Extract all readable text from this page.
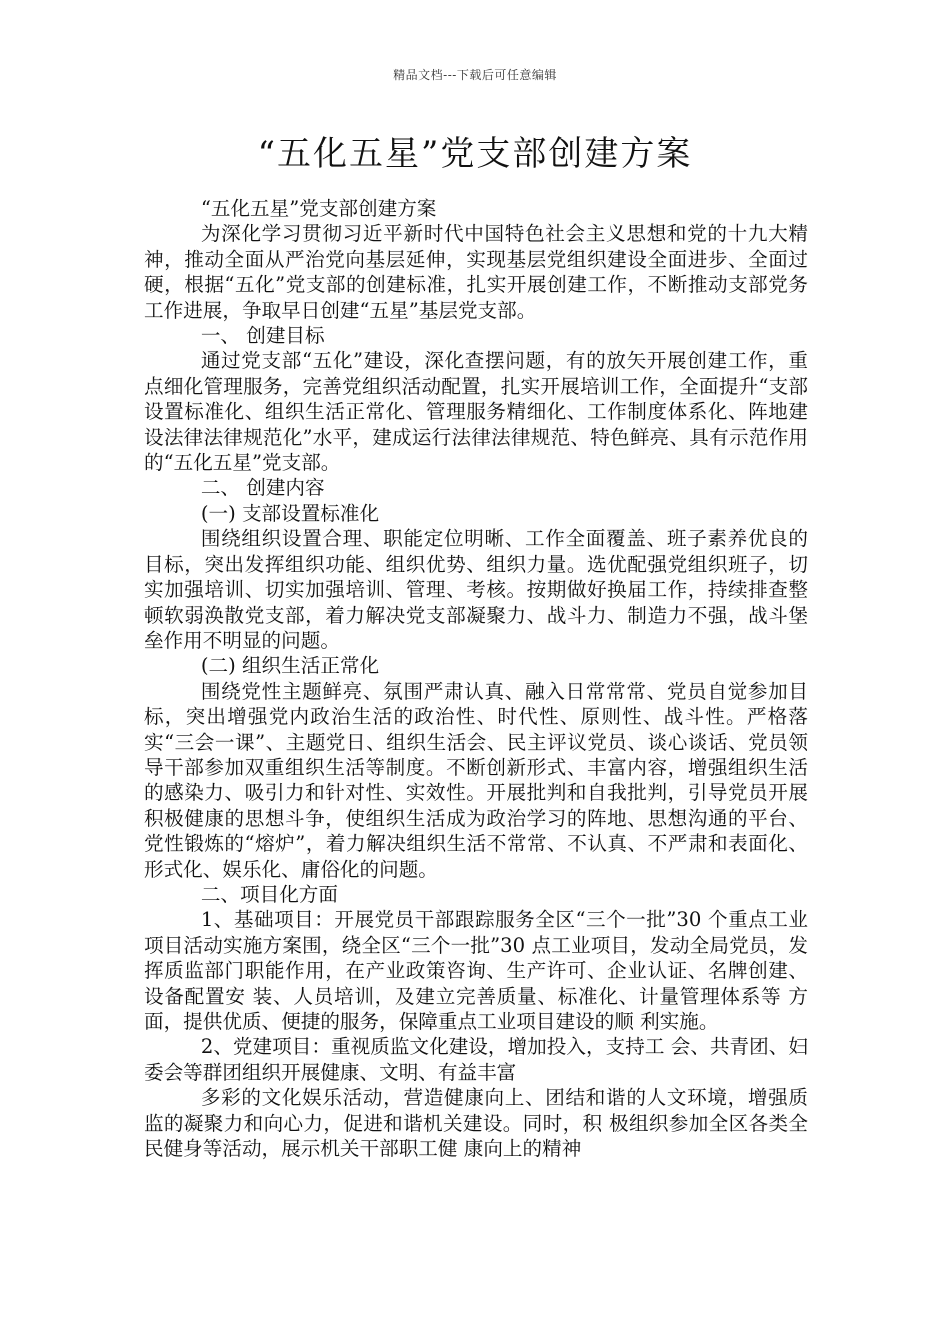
精品文档---下载后可任意编辑
“五化五星”党支部创建方案

“五化五星”党支部创建方案

为深化学习贯彻习近平新时代中国特色社会主义思想和党的十九大精神，推动全面从严治党向基层延伸，实现基层党组织建设全面进步、全面过硬，根据“五化”党支部的创建标准，扎实开展创建工作，不断推动支部党务工作进展，争取早日创建“五星”基层党支部。

一、 创建目标

通过党支部“五化”建设，深化查摆问题，有的放矢开展创建工作，重点细化管理服务，完善党组织活动配置，扎实开展培训工作，全面提升“支部设置标准化、组织生活正常化、管理服务精细化、工作制度体系化、阵地建设法律法律规范化”水平，建成运行法律法律规范、特色鲜亮、具有示范作用的“五化五星”党支部。

二、 创建内容

(一) 支部设置标准化

围绕组织设置合理、职能定位明晰、工作全面覆盖、班子素养优良的目标，突出发挥组织功能、组织优势、组织力量。选优配强党组织班子，切实加强培训、切实加强培训、管理、考核。按期做好换届工作，持续排查整顿软弱涣散党支部，着力解决党支部凝聚力、战斗力、制造力不强，战斗堡垒作用不明显的问题。

(二) 组织生活正常化

围绕党性主题鲜亮、氛围严肃认真、融入日常常常、党员自觉参加目标，突出增强党内政治生活的政治性、时代性、原则性、战斗性。严格落实“三会一课”、主题党日、组织生活会、民主评议党员、谈心谈话、党员领导干部参加双重组织生活等制度。不断创新形式、丰富内容，增强组织生活的感染力、吸引力和针对性、实效性。开展批判和自我批判，引导党员开展积极健康的思想斗争，使组织生活成为政治学习的阵地、思想沟通的平台、党性锻炼的“熔炉”，着力解决组织生活不常常、不认真、不严肃和表面化、形式化、娱乐化、庸俗化的问题。

二、项目化方面

1、基础项目：开展党员干部跟踪服务全区“三个一批”30 个重点工业项目活动实施方案围，绕全区“三个一批”30 点工业项目，发动全局党员，发挥质监部门职能作用，在产业政策咨询、生产许可、企业认证、名牌创建、设备配置安 装、人员培训，及建立完善质量、标准化、计量管理体系等 方面，提供优质、便捷的服务，保障重点工业项目建设的顺 利实施。

2、党建项目：重视质监文化建设，增加投入，支持工 会、共青团、妇委会等群团组织开展健康、文明、有益丰富

多彩的文化娱乐活动，营造健康向上、团结和谐的人文环境，增强质监的凝聚力和向心力，促进和谐机关建设。同时，积 极组织参加全区各类全民健身等活动，展示机关干部职工健 康向上的精神
